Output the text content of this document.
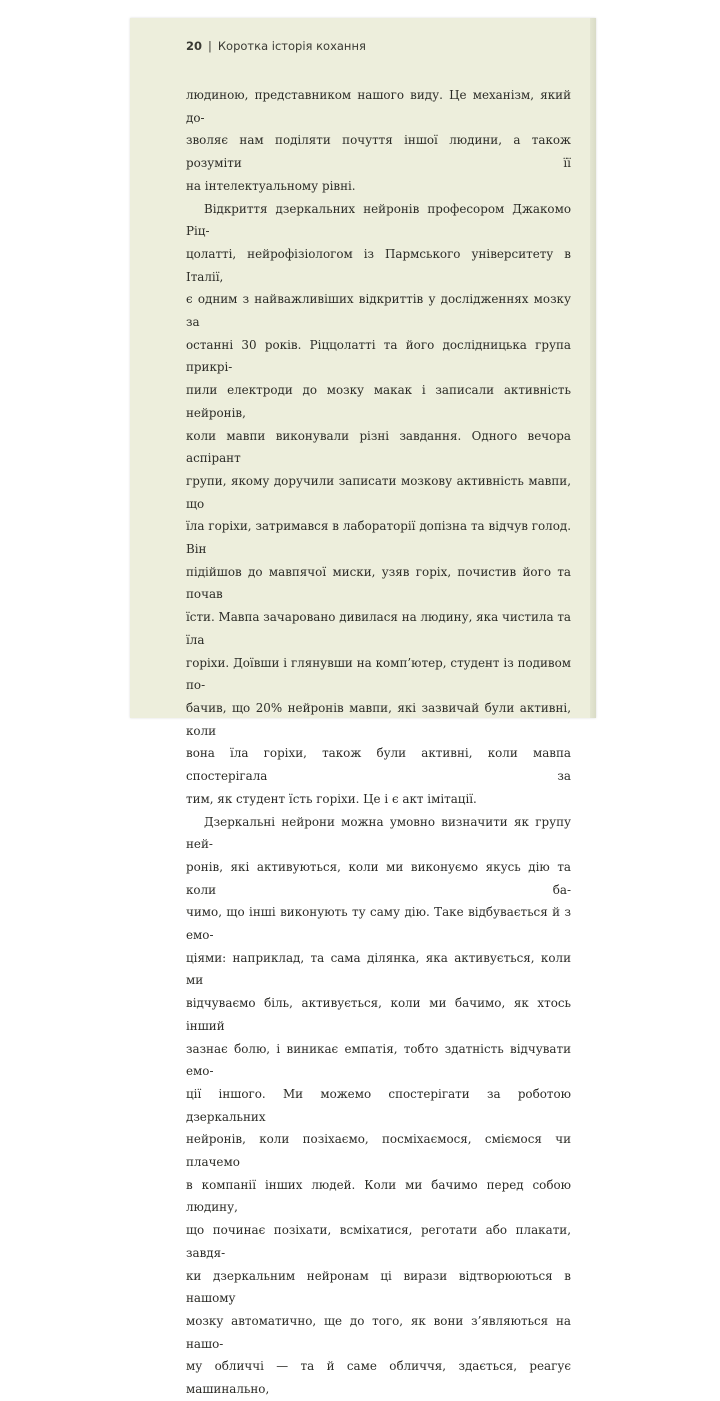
20 | Коротка історія кохання

людиною, представником нашого виду. Це механізм, який до-
зволяє нам поділяти почуття іншої людини, а також розуміти її
на інтелектуальному рівні.

Відкриття дзеркальних нейронів професором Джакомо Ріц-
цолатті, нейрофізіологом із Пармського університету в Італії,
є одним з найважливіших відкриттів у дослідженнях мозку за
останні 30 років. Ріццолатті та його дослідницька група прикрі-
пили електроди до мозку макак і записали активність нейронів,
коли мавпи виконували різні завдання. Одного вечора аспірант
групи, якому доручили записати мозкову активність мавпи, що
їла горіхи, затримався в лабораторії допізна та відчув голод. Він
підійшов до мавпячої миски, узяв горіх, почистив його та почав
їсти. Мавпа зачаровано дивилася на людину, яка чистила та їла
горіхи. Доївши і глянувши на комп’ютер, студент із подивом по-
бачив, що 20% нейронів мавпи, які зазвичай були активні, коли
вона їла горіхи, також були активні, коли мавпа спостерігала за
тим, як студент їсть горіхи. Це і є акт імітації.

Дзеркальні нейрони можна умовно визначити як групу ней-
ронів, які активуються, коли ми виконуємо якусь дію та коли ба-
чимо, що інші виконують ту саму дію. Таке відбувається й з емо-
ціями: наприклад, та сама ділянка, яка активується, коли ми
відчуваємо біль, активується, коли ми бачимо, як хтось інший
зазнає болю, і виникає емпатія, тобто здатність відчувати емо-
ції іншого. Ми можемо спостерігати за роботою дзеркальних
нейронів, коли позіхаємо, посміхаємося, сміємося чи плачемо
в компанії інших людей. Коли ми бачимо перед собою людину,
що починає позіхати, всміхатися, реготати або плакати, завдя-
ки дзеркальним нейронам ці вирази відтворюються в нашому
мозку автоматично, ще до того, як вони з’являються на нашо-
му обличчі — та й саме обличчя, здається, реагує машинально,
